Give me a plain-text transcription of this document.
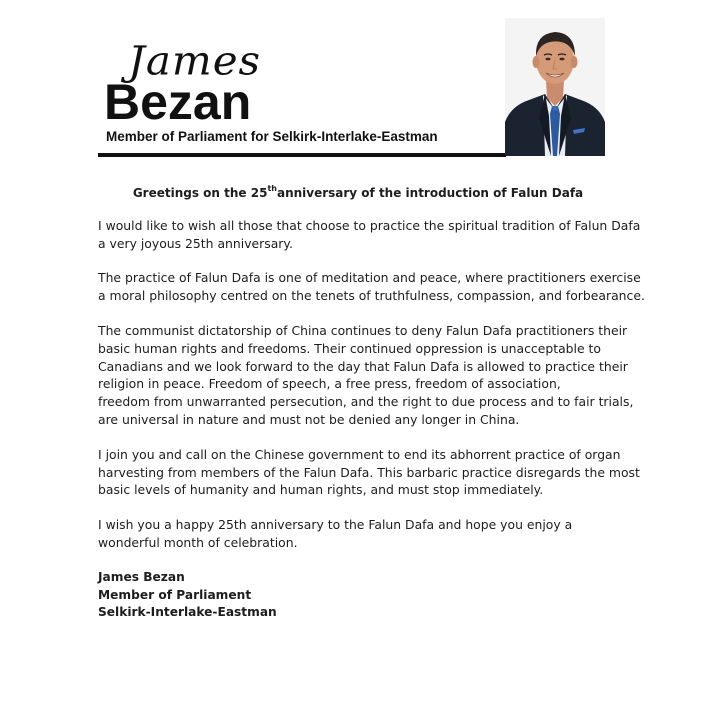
James
Bezan
Member of Parliament for Selkirk-Interlake-Eastman
Greetings on the 25thanniversary of the introduction of Falun Dafa
I would like to wish all those that choose to practice the spiritual tradition of Falun Dafa
a very joyous 25th anniversary.
The practice of Falun Dafa is one of meditation and peace, where practitioners exercise
a moral philosophy centred on the tenets of truthfulness, compassion, and forbearance.
The communist dictatorship of China continues to deny Falun Dafa practitioners their
basic human rights and freedoms. Their continued oppression is unacceptable to
Canadians and we look forward to the day that Falun Dafa is allowed to practice their
religion in peace. Freedom of speech, a free press, freedom of association,
freedom from unwarranted persecution, and the right to due process and to fair trials,
are universal in nature and must not be denied any longer in China.
I join you and call on the Chinese government to end its abhorrent practice of organ
harvesting from members of the Falun Dafa. This barbaric practice disregards the most
basic levels of humanity and human rights, and must stop immediately.
I wish you a happy 25th anniversary to the Falun Dafa and hope you enjoy a
wonderful month of celebration.
James Bezan
Member of Parliament
Selkirk-Interlake-Eastman
